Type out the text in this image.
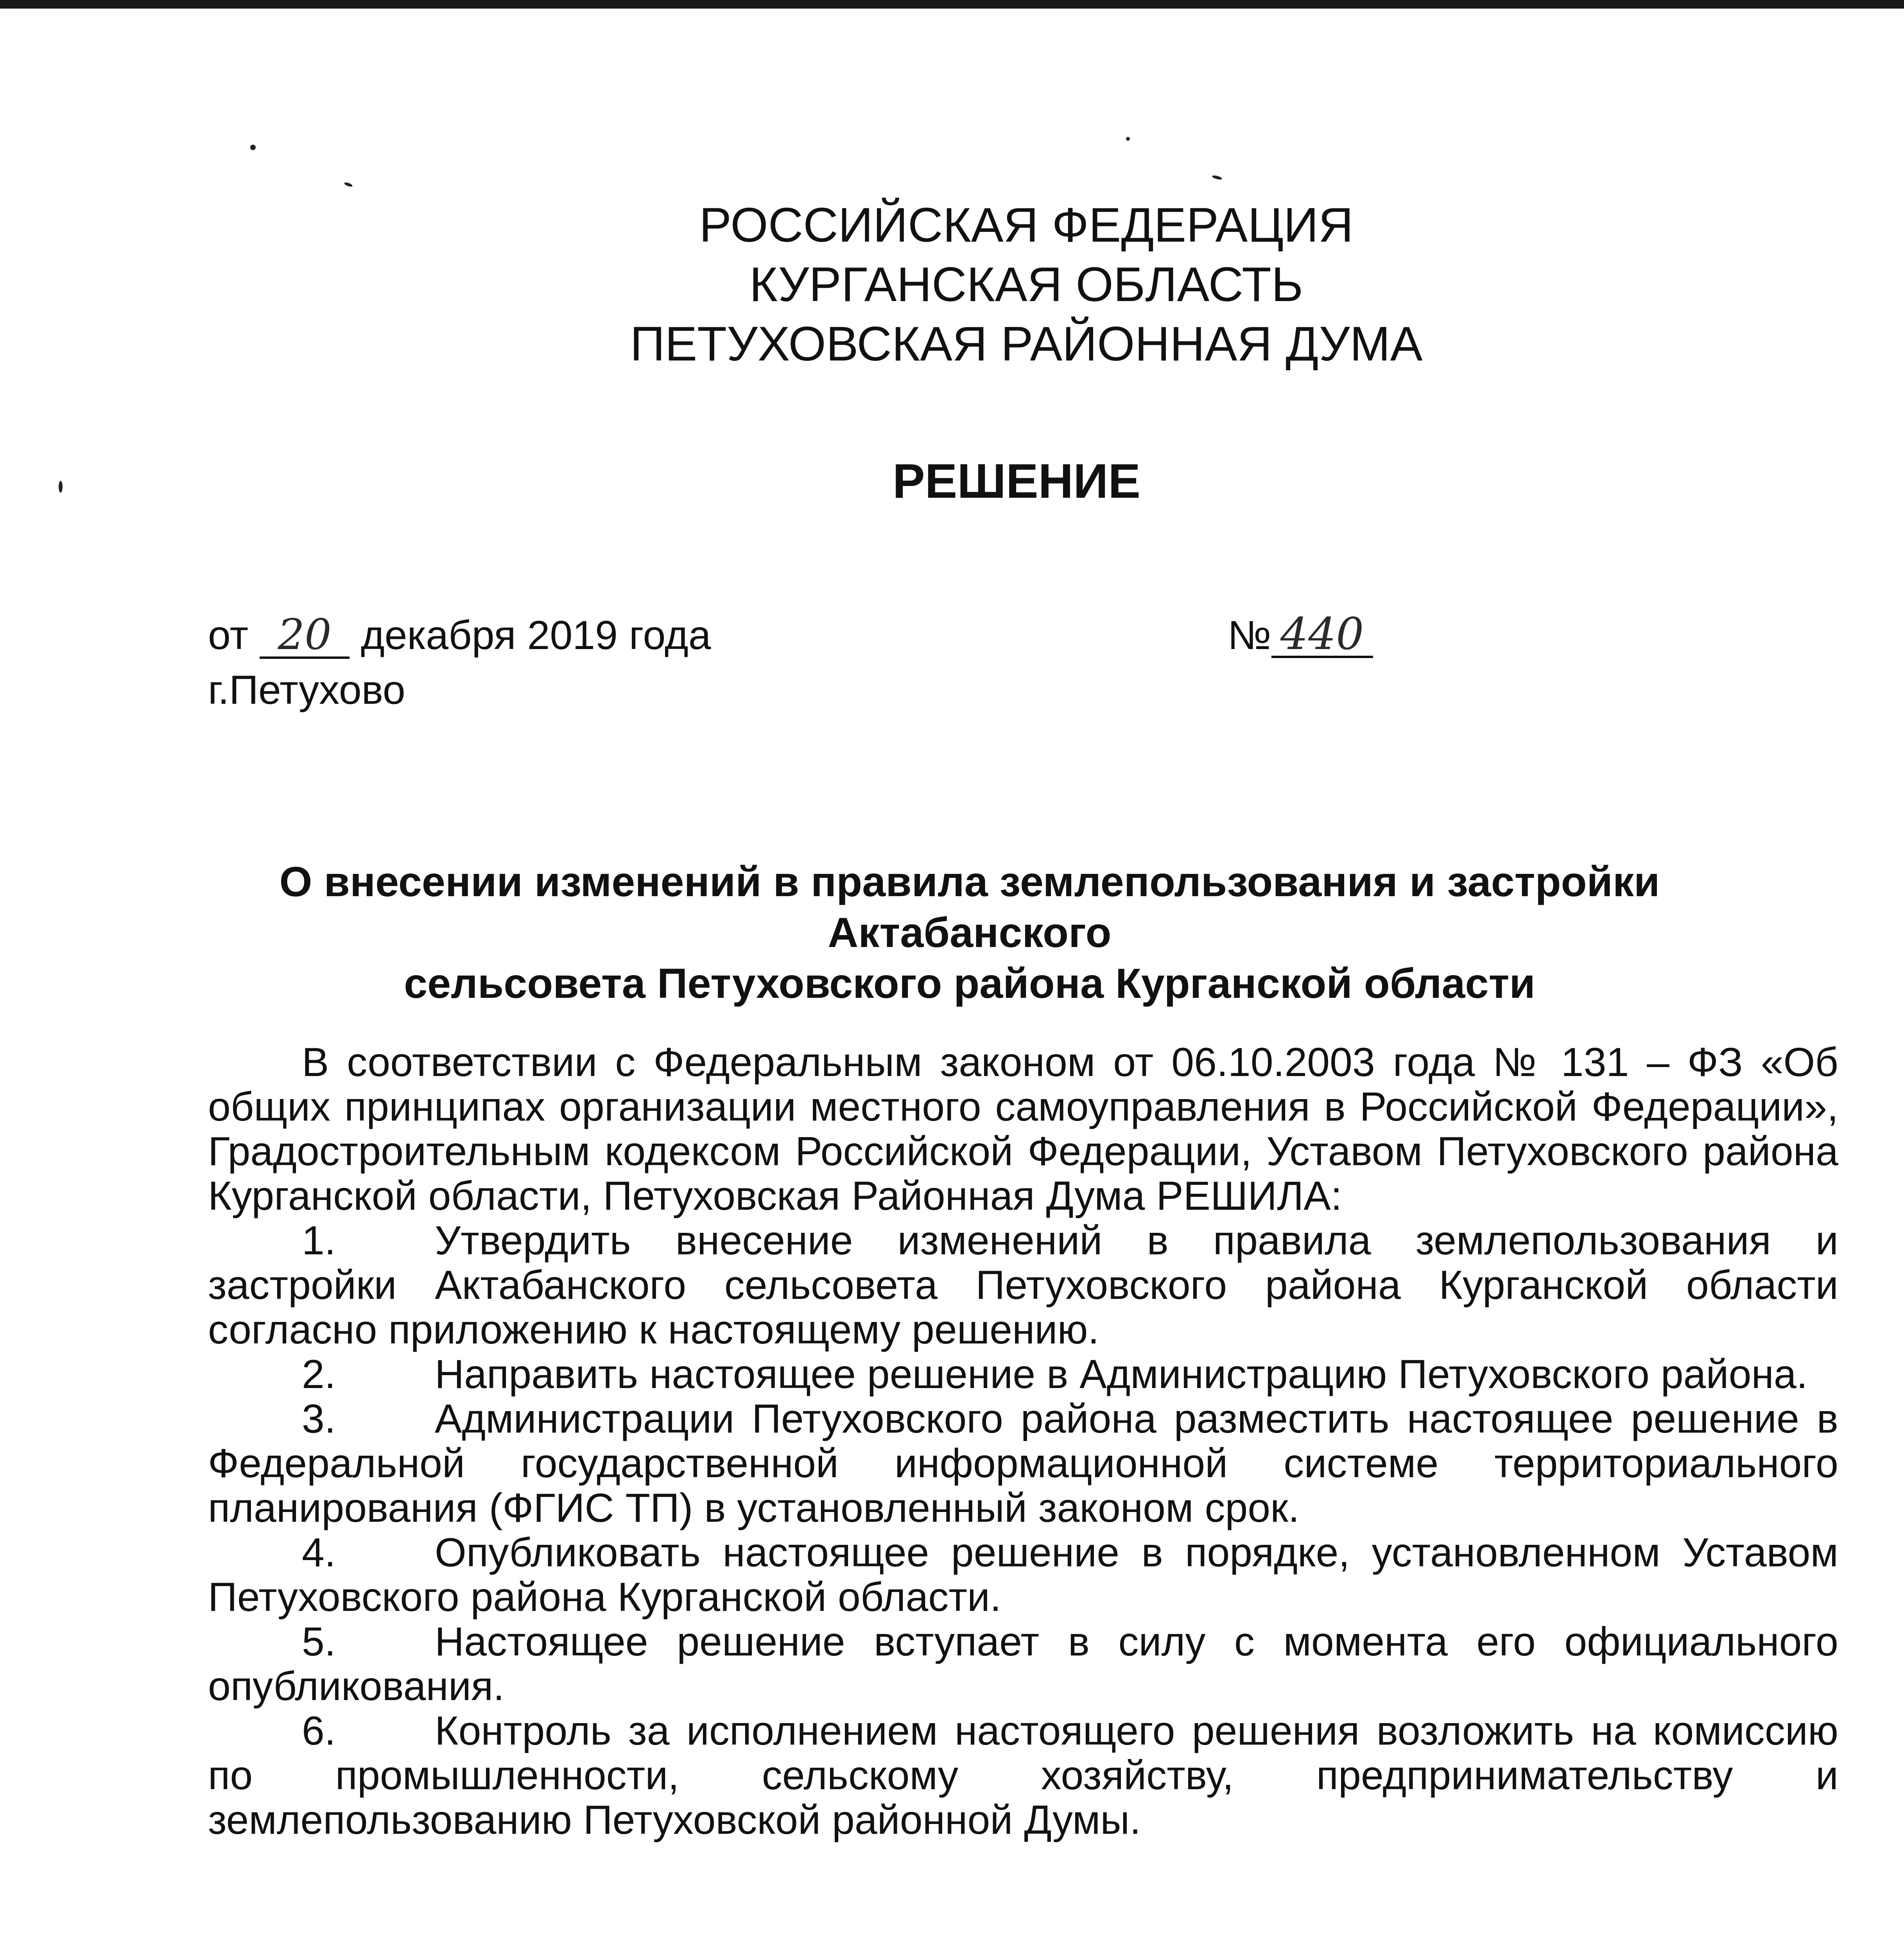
РОССИЙСКАЯ ФЕДЕРАЦИЯ
КУРГАНСКАЯ ОБЛАСТЬ
ПЕТУХОВСКАЯ РАЙОННАЯ ДУМА
РЕШЕНИЕ
от 20 декабря 2019 года	№ 440
г.Петухово
О внесении изменений в правила землепользования и застройки Актабанского
сельсовета Петуховского района Курганской области

В соответствии с Федеральным законом от 06.10.2003 года № 131 – ФЗ «Об общих принципах организации местного самоуправления в Российской Федерации», Градостроительным кодексом Российской Федерации, Уставом Петуховского района Курганской области, Петуховская Районная Дума РЕШИЛА:

1. Утвердить внесение изменений в правила землепользования и застройки Актабанского сельсовета Петуховского района Курганской области согласно приложению к настоящему решению.

2. Направить настоящее решение в Администрацию Петуховского района.

3. Администрации Петуховского района разместить настоящее решение в Федеральной государственной информационной системе территориального планирования (ФГИС ТП) в установленный законом срок.

4. Опубликовать настоящее решение в порядке, установленном Уставом Петуховского района Курганской области.

5. Настоящее решение вступает в силу с момента его официального опубликования.

6. Контроль за исполнением настоящего решения возложить на комиссию по промышленности, сельскому хозяйству, предпринимательству и землепользованию Петуховской районной Думы.
